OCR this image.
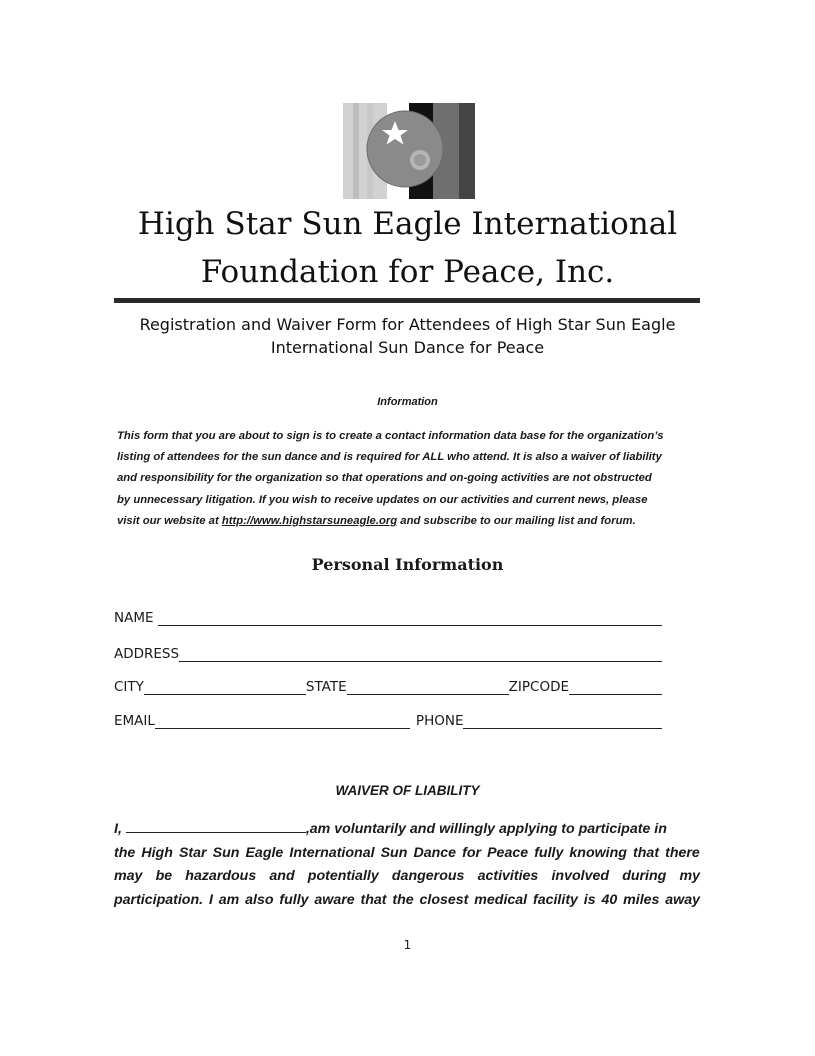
High Star Sun Eagle International
Foundation for Peace, Inc.
Registration and Waiver Form for Attendees of High Star Sun Eagle
International Sun Dance for Peace
Information
This form that you are about to sign is to create a contact information data base for the organization’s
listing of attendees for the sun dance and is required for ALL who attend. It is also a waiver of liability
and responsibility for the organization so that operations and on-going activities are not obstructed
by unnecessary litigation. If you wish to receive updates on our activities and current news, please
visit our website at http://www.highstarsuneagle.org and subscribe to our mailing list and forum.
Personal Information
NAME
ADDRESS
CITY	STATE	ZIPCODE
EMAIL	PHONE
WAIVER OF LIABILITY
I,	,am voluntarily and willingly applying to participate in
the High Star Sun Eagle International Sun Dance for Peace fully knowing that there
may be hazardous and potentially dangerous activities involved during my
participation. I am also fully aware that the closest medical facility is 40 miles away
1
